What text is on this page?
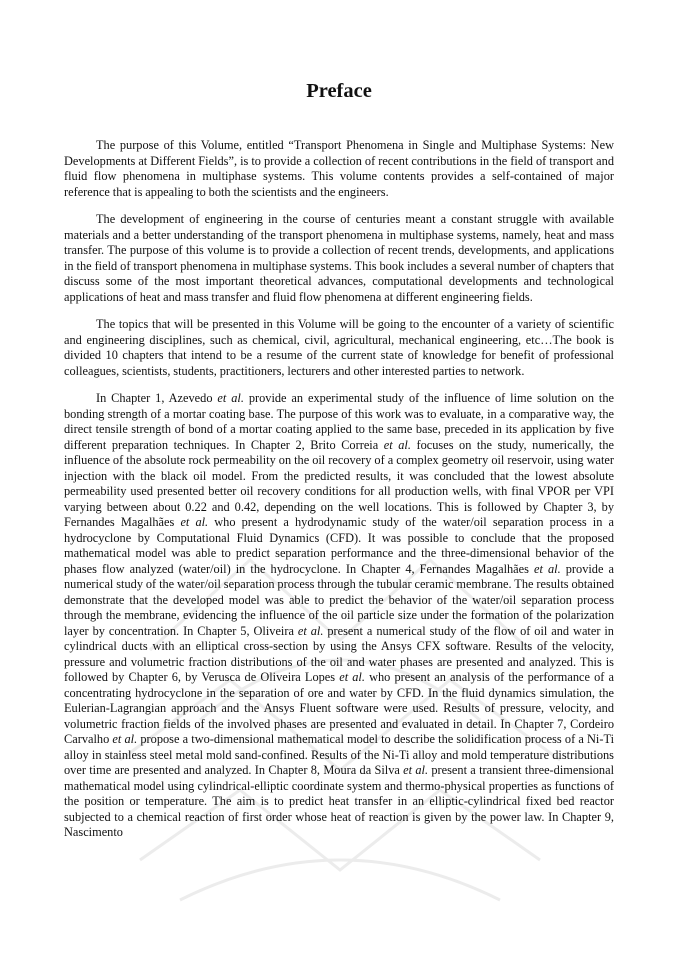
Preface

The purpose of this Volume, entitled “Transport Phenomena in Single and Multiphase Systems: New Developments at Different Fields”, is to provide a collection of recent contributions in the field of transport and fluid flow phenomena in multiphase systems. This volume contents provides a self-contained of major reference that is appealing to both the scientists and the engineers.

The development of engineering in the course of centuries meant a constant struggle with available materials and a better understanding of the transport phenomena in multiphase systems, namely, heat and mass transfer. The purpose of this volume is to provide a collection of recent trends, developments, and applications in the field of transport phenomena in multiphase systems. This book includes a several number of chapters that discuss some of the most important theoretical advances, computational developments and technological applications of heat and mass transfer and fluid flow phenomena at different engineering fields.

The topics that will be presented in this Volume will be going to the encounter of a variety of scientific and engineering disciplines, such as chemical, civil, agricultural, mechanical engineering, etc…The book is divided 10 chapters that intend to be a resume of the current state of knowledge for benefit of professional colleagues, scientists, students, practitioners, lecturers and other interested parties to network.

In Chapter 1, Azevedo et al. provide an experimental study of the influence of lime solution on the bonding strength of a mortar coating base. The purpose of this work was to evaluate, in a comparative way, the direct tensile strength of bond of a mortar coating applied to the same base, preceded in its application by five different preparation techniques. In Chapter 2, Brito Correia et al. focuses on the study, numerically, the influence of the absolute rock permeability on the oil recovery of a complex geometry oil reservoir, using water injection with the black oil model. From the predicted results, it was concluded that the lowest absolute permeability used presented better oil recovery conditions for all production wells, with final VPOR per VPI varying between about 0.22 and 0.42, depending on the well locations. This is followed by Chapter 3, by Fernandes Magalhães et al. who present a hydrodynamic study of the water/oil separation process in a hydrocyclone by Computational Fluid Dynamics (CFD). It was possible to conclude that the proposed mathematical model was able to predict separation performance and the three-dimensional behavior of the phases flow analyzed (water/oil) in the hydrocyclone. In Chapter 4, Fernandes Magalhães et al. provide a numerical study of the water/oil separation process through the tubular ceramic membrane. The results obtained demonstrate that the developed model was able to predict the behavior of the water/oil separation process through the membrane, evidencing the influence of the oil particle size under the formation of the polarization layer by concentration. In Chapter 5, Oliveira et al. present a numerical study of the flow of oil and water in cylindrical ducts with an elliptical cross-section by using the Ansys CFX software. Results of the velocity, pressure and volumetric fraction distributions of the oil and water phases are presented and analyzed. This is followed by Chapter 6, by Verusca de Oliveira Lopes et al. who present an analysis of the performance of a concentrating hydrocyclone in the separation of ore and water by CFD. In the fluid dynamics simulation, the Eulerian-Lagrangian approach and the Ansys Fluent software were used. Results of pressure, velocity, and volumetric fraction fields of the involved phases are presented and evaluated in detail. In Chapter 7, Cordeiro Carvalho et al. propose a two-dimensional mathematical model to describe the solidification process of a Ni-Ti alloy in stainless steel metal mold sand-confined. Results of the Ni-Ti alloy and mold temperature distributions over time are presented and analyzed. In Chapter 8, Moura da Silva et al. present a transient three-dimensional mathematical model using cylindrical-elliptic coordinate system and thermo-physical properties as functions of the position or temperature. The aim is to predict heat transfer in an elliptic-cylindrical fixed bed reactor subjected to a chemical reaction of first order whose heat of reaction is given by the power law. In Chapter 9, Nascimento
